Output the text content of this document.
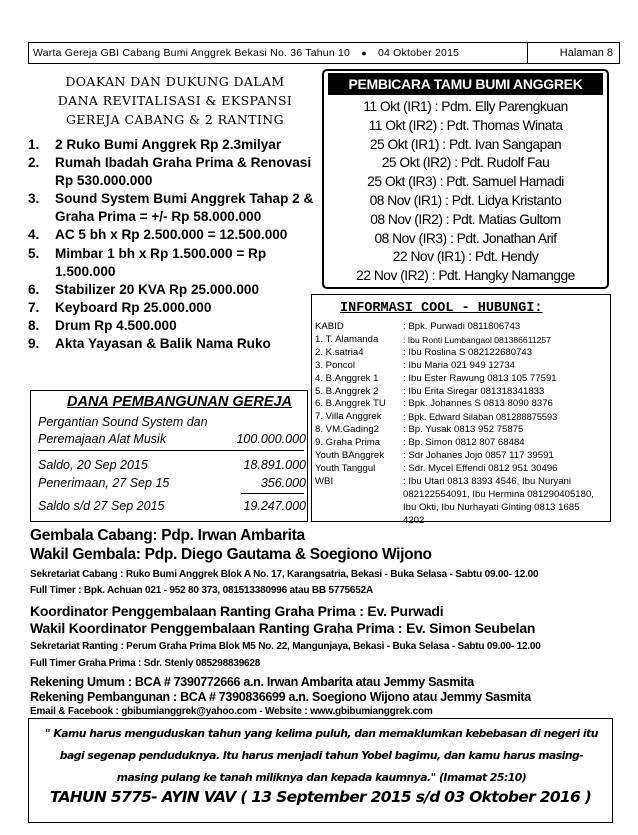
Warta Gereja GBI Cabang Bumi Anggrek Bekasi No. 36 Tahun 10 ● 04 Oktober 2015	Halaman 8
DOAKAN DAN DUKUNG DALAM
DANA REVITALISASI & EKSPANSI
GEREJA CABANG & 2 RANTING
1.	2 Ruko Bumi Anggrek Rp 2.3milyar
2.	Rumah Ibadah Graha Prima & Renovasi Rp 530.000.000
3.	Sound System Bumi Anggrek Tahap 2 & Graha Prima = +/- Rp 58.000.000
4.	AC 5 bh x Rp 2.500.000 = 12.500.000
5.	Mimbar 1 bh x Rp 1.500.000 = Rp 1.500.000
6.	Stabilizer 20 KVA Rp 25.000.000
7.	Keyboard Rp 25.000.000
8.	Drum Rp 4.500.000
9.	Akta Yayasan & Balik Nama Ruko
PEMBICARA TAMU BUMI ANGGREK
11 Okt (IR1) : Pdm. Elly Parengkuan
11 Okt (IR2) : Pdt. Thomas Winata
25 Okt (IR1) : Pdt. Ivan Sangapan
25 Okt (IR2) : Pdt. Rudolf Fau
25 Okt (IR3) : Pdt. Samuel Hamadi
08 Nov (IR1) : Pdt. Lidya Kristanto
08 Nov (IR2) : Pdt. Matias Gultom
08 Nov (IR3) : Pdt. Jonathan Arif
22 Nov (IR1) : Pdt. Hendy
22 Nov (IR2) : Pdt. Hangky Namangge
INFORMASI COOL - HUBUNGI:
KABID	: Bpk. Purwadi 0811806743
1. T. Alamanda	: Ibu Ronti Lumbangaol 081386611257
2. K.satria4	: Ibu Roslina S 082122680743
3. Poncol	: Ibu Maria 021 949 12734
4. B.Anggrek 1	: Ibu Ester Rawung 0813 105 77591
5. B.Anggrek 2	: Ibu Erita Siregar 081318341833
6. B.Anggrek TU	: Bpk. Johannes S 0813 8090 8376
7. Villa Anggrek	: Bpk. Edward Silaban 081288875593
8. VM.Gading2	: Bp. Yusak 0813 952 75875
9. Graha Prima	: Bp. Simon 0812 807 68484
Youth BAnggrek	: Sdr Johanes Jojo 0857 117 39591
Youth Tanggul	: Sdr. Mycel Effendi 0812 951 30496
WBI	: Ibu Utari 0813 8393 4546, Ibu Nuryani 082122554091, Ibu Hermina 081290405180, Ibu Okti, Ibu Nurhayati Ginting 0813 1685 4202
DANA PEMBANGUNAN GEREJA
Pergantian Sound System dan
Peremajaan Alat Musik	100.000.000
Saldo, 20 Sep 2015	18.891.000
Penerimaan, 27 Sep 15	356.000
Saldo s/d 27 Sep 2015	19.247.000
Gembala Cabang: Pdp. Irwan Ambarita
Wakil Gembala: Pdp. Diego Gautama & Soegiono Wijono
Sekretariat Cabang : Ruko Bumi Anggrek Blok A No. 17, Karangsatria, Bekasi - Buka Selasa - Sabtu 09.00- 12.00
Full Timer : Bpk. Achuan 021 - 952 80 373, 081513380996 atau BB 5775652A
Koordinator Penggembalaan Ranting Graha Prima : Ev. Purwadi
Wakil Koordinator Penggembalaan Ranting Graha Prima : Ev. Simon Seubelan
Sekretariat Ranting : Perum Graha Prima Blok M5 No. 22, Mangunjaya, Bekasi - Buka Selasa - Sabtu 09.00- 12.00
Full Timer Graha Prima : Sdr. Stenly 085298839628
Rekening Umum : BCA # 7390772666 a.n. Irwan Ambarita atau Jemmy Sasmita
Rekening Pembangunan : BCA # 7390836699 a.n. Soegiono Wijono atau Jemmy Sasmita
Email & Facebook : gbibumianggrek@yahoo.com - Website : www.gbibumianggrek.com
" Kamu harus menguduskan tahun yang kelima puluh, dan memaklumkan kebebasan di negeri itu
bagi segenap penduduknya. Itu harus menjadi tahun Yobel bagimu, dan kamu harus masing-
masing pulang ke tanah miliknya dan kepada kaumnya." (Imamat 25:10)
TAHUN 5775- AYIN VAV ( 13 September 2015 s/d 03 Oktober 2016 )
